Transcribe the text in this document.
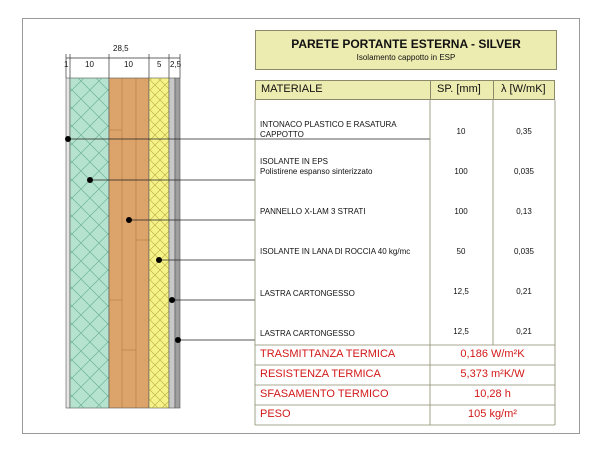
28,5
1 10	10	5 2,5
PARETE PORTANTE ESTERNA - SILVER
Isolamento cappotto in ESP
MATERIALE	SP. [mm] λ [W/mK]
INTONACO PLASTICO E RASATURA
CAPPOTTO	10	0,35
ISOLANTE IN EPS
Polistirene espanso sinterizzato	100	0,035
PANNELLO X-LAM 3 STRATI	100	0,13
ISOLANTE IN LANA DI ROCCIA 40 kg/mc	50	0,035
LASTRA CARTONGESSO	12,5	0,21
LASTRA CARTONGESSO	12,5	0,21
TRASMITTANZA TERMICA	0,186 W/m²K
RESISTENZA TERMICA	5,373 m²K/W
SFASAMENTO TERMICO	10,28 h
PESO	105 kg/m²
